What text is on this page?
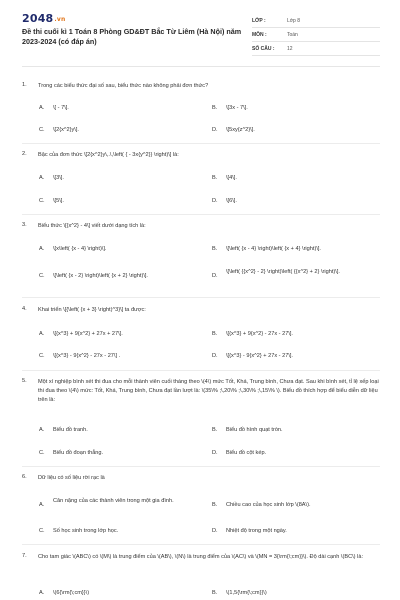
2048.vn
Đề thi cuối kì 1 Toán 8 Phòng GD&ĐT Bắc Từ Liêm (Hà Nội) năm 2023-2024 (có đáp án)
LỚP :	Lớp 8
MÔN :	Toán
SỐ CÂU :	12
1.	Trong các biểu thức đại số sau, biểu thức nào không phải đơn thức?
A.	\[ - 7\].	B.	\[3x - 7\].
C.	\[2{x^2}y\].	D.	\[5xy{z^2}\].
2.	Bậc của đơn thức \[2{x^2}y\,.\,\left( { - 3x{y^2}} \right)\] là:
A.	\[3\].	B.	\[4\].
C.	\[5\].	D.	\[6\].
3.	Biểu thức \[{x^2} - 4\] viết dưới dạng tích là:
A.	\[x\left( {x - 4} \right)\].	B.	\[\left( {x - 4} \right)\left( {x + 4} \right)\].
C.	\[\left( {x - 2} \right)\left( {x + 2} \right)\].	D.
\[\left( {{x^2} - 2} \right)\left( {{x^2} + 2} \right)\].
4.	Khai triển \[{\left( {x + 3} \right)^3}\] ta được:
A.	\[{x^3} + 9{x^2} + 27x + 27\].	B.	\[{x^3} + 9{x^2} - 27x - 27\].
C.	\[{x^3} - 9{x^2} - 27x - 27\] .	D.	\[{x^3} - 9{x^2} + 27x - 27\].
5.	Một xí nghiệp bình xét thi đua cho mỗi thành viên cuối tháng theo \(4\) mức Tốt, Khá, Trung bình, Chưa đạt. Sau khi bình xét, tỉ lệ xếp loại thi đua theo \(4\) mức: Tốt, Khá, Trung bình, Chưa đạt lần lượt là: \(35\% ;\,20\% ;\,30\% ;\,15\% \). Biểu đồ thích hợp để biểu diễn dữ liệu trên là:
A.	Biểu đồ tranh.	B.	Biểu đồ hình quạt tròn.
C.	Biểu đồ đoạn thẳng.	D.	Biểu đồ cột kép.
6.	Dữ liệu có số liệu rời rạc là
A.
Cân nặng của các thành viên trong một gia đình.
B.	Chiều cao của học sinh lớp \(8A\).
C.	Số học sinh trong lớp học.	D.	Nhiệt độ trong một ngày.
7.	Cho tam giác \(ABC\) có \(M\) là trung điểm của \(AB\), \(N\) là trung điểm của \(AC\) và \(MN = 3{\rm{\;cm}}\). Độ dài cạnh \(BC\) là:
A.	\(6{\rm{\;cm}}\)	B.	\(1,5{\rm{\;cm}}\)
